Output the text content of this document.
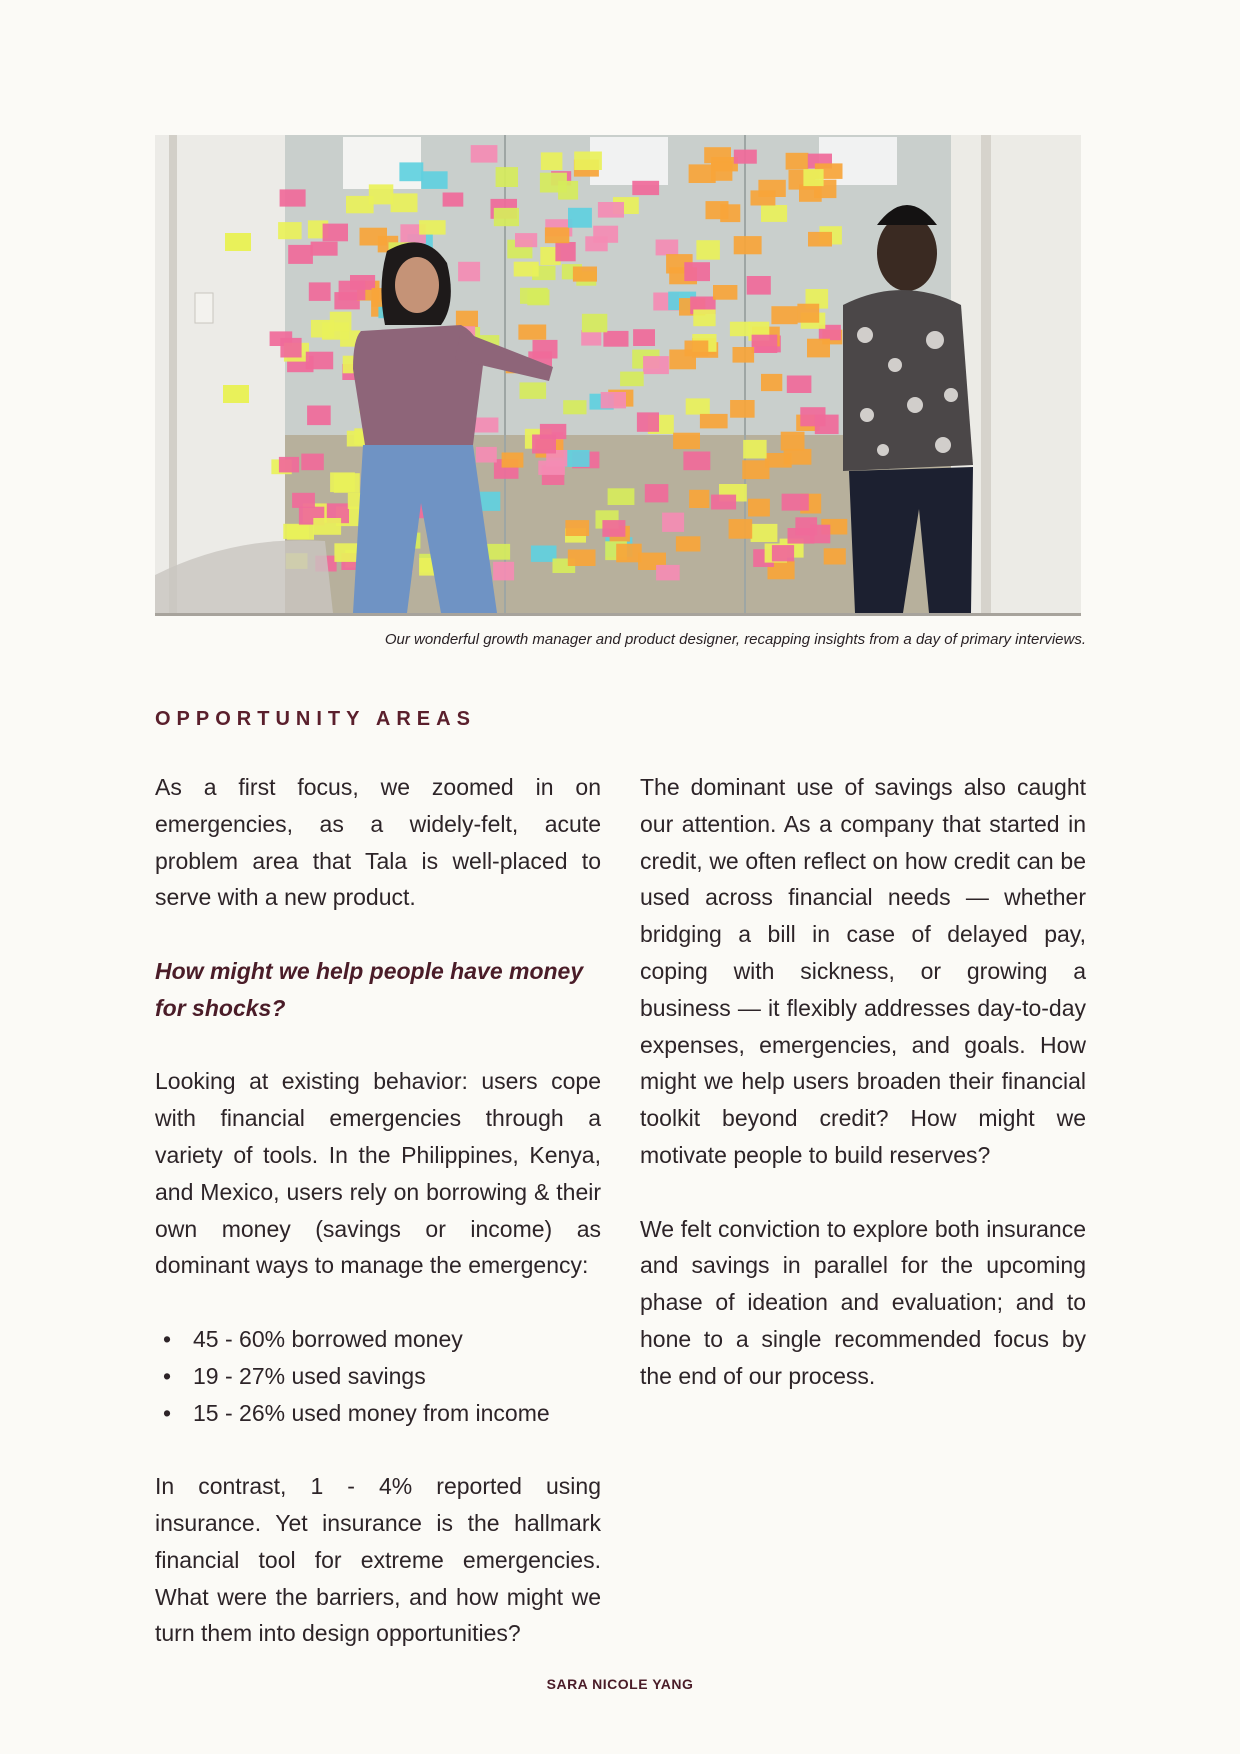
Our wonderful growth manager and product designer, recapping insights from a day of primary interviews.
OPPORTUNITY AREAS

As a first focus, we zoomed in on emergencies, as a widely-felt, acute problem area that Tala is well-placed to serve with a new product.

How might we help people have money for shocks?

Looking at existing behavior: users cope with financial emergencies through a variety of tools. In the Philippines, Kenya, and Mexico, users rely on borrowing & their own money (savings or income) as dominant ways to manage the emergency:

• 45 - 60% borrowed money
• 19 - 27% used savings
• 15 - 26% used money from income

In contrast, 1 - 4% reported using insurance. Yet insurance is the hallmark financial tool for extreme emergencies. What were the barriers, and how might we turn them into design opportunities?

The dominant use of savings also caught our attention. As a company that started in credit, we often reflect on how credit can be used across financial needs — whether bridging a bill in case of delayed pay, coping with sickness, or growing a business — it flexibly addresses day-to-day expenses, emergencies, and goals. How might we help users broaden their financial toolkit beyond credit? How might we motivate people to build reserves?

We felt conviction to explore both insurance and savings in parallel for the upcoming phase of ideation and evaluation; and to hone to a single recommended focus by the end of our process.

SARA NICOLE YANG
